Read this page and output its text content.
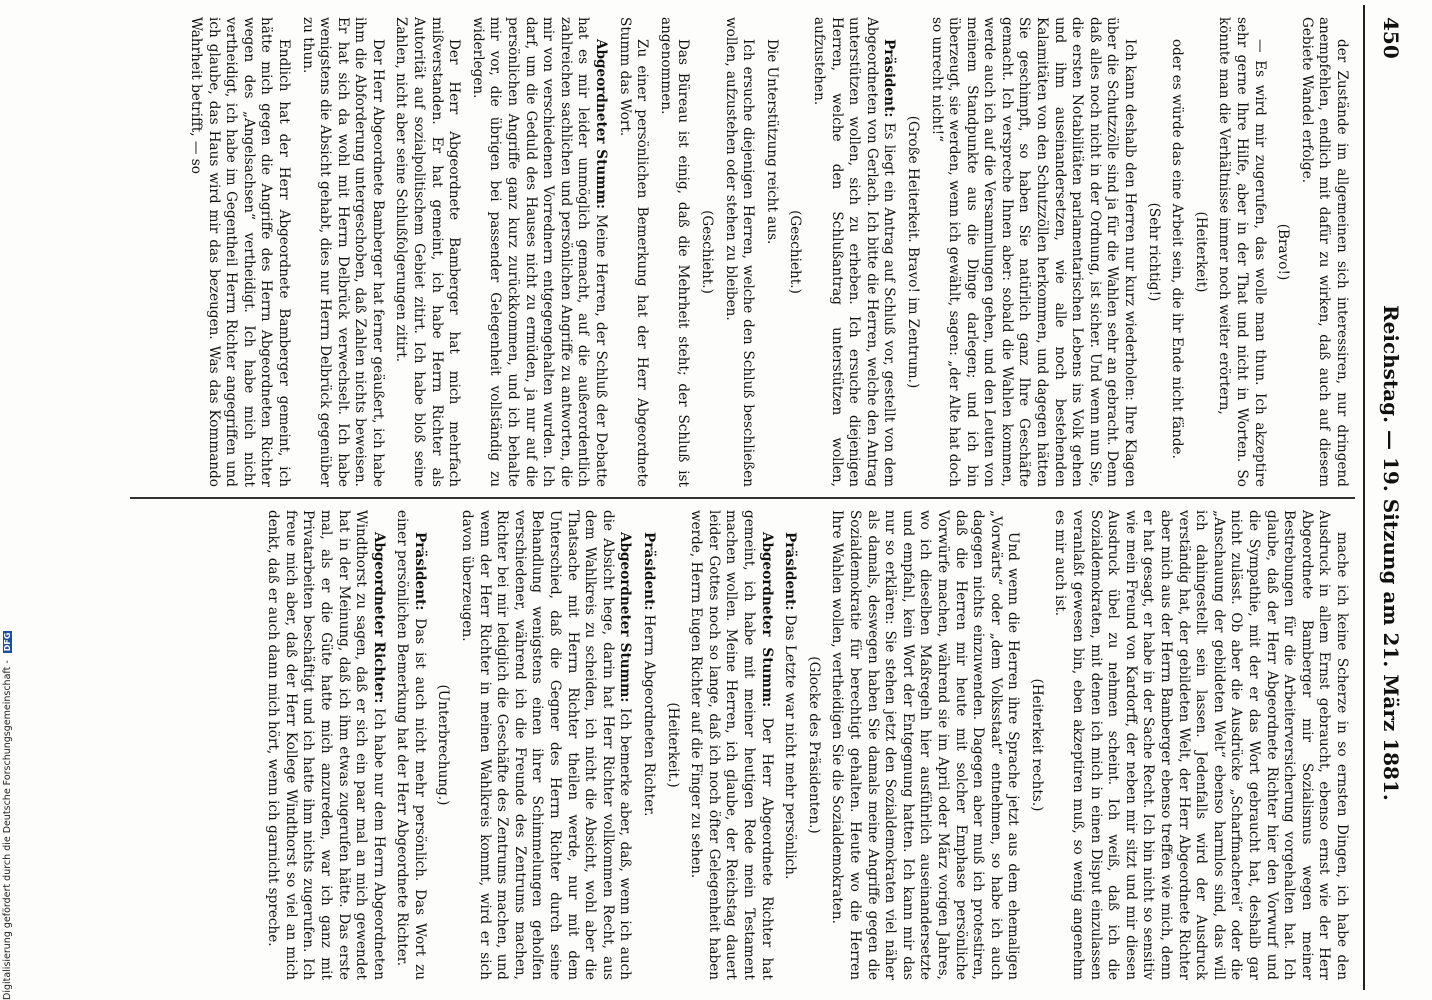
450
Reichstag. — 19. Sitzung am 21. März 1881.

der Zustände im allgemeinen sich interessiren, nur dringend anempfehlen, endlich mit dafür zu wirken, daß auch auf diesem Gebiete Wandel erfolge.

(Bravo!)

— Es wird mir zugerufen, das wolle man thun. Ich akzeptire sehr gerne Ihre Hilfe, aber in der That und nicht in Worten. So könnte man die Verhältnisse immer noch weiter erörtern,

(Heiterkeit)

oder es würde das eine Arbeit sein, die ihr Ende nicht fände.

(Sehr richtig!)

Ich kann deshalb den Herren nur kurz wiederholen: Ihre Klagen über die Schutzzölle sind ja für die Wahlen sehr an gebracht. Denn daß alles noch nicht in der Ordnung, ist sicher. Und wenn nun Sie, die ersten Notabilitäten parlamentarischen Lebens ins Volk gehen und ihm auseinandersetzen, wie alle noch bestehenden Kalamitäten von den Schutzzöllen herkommen, und dagegen hätten Sie geschimpft, so haben Sie natürlich ganz Ihre Geschäfte gemacht. Ich verspreche Ihnen aber: sobald die Wahlen kommen, werde auch ich auf die Versammlungen gehen, und den Leuten von meinem Standpunkte aus die Dinge darlegen; und ich bin überzeugt, sie werden, wenn ich gewählt, sagen: „der Alte hat doch so unrecht nicht!“

(Große Heiterkeit. Bravo! im Zentrum.)

Präsident: Es liegt ein Antrag auf Schluß vor, gestellt von dem Abgeordneten von Gerlach. Ich bitte die Herren, welche den Antrag unterstützen wollen, sich zu erheben. Ich ersuche diejenigen Herren, welche den Schlußantrag unterstützen wollen, aufzustehen.

(Geschieht.)

Die Unterstützung reicht aus.

Ich ersuche diejenigen Herren, welche den Schluß beschließen wollen, aufzustehen oder stehen zu bleiben.

(Geschieht.)

Das Büreau ist einig, daß die Mehrheit steht; der Schluß ist angenommen.

Zu einer persönlichen Bemerkung hat der Herr Abgeordnete Stumm das Wort.

Abgeordneter Stumm: Meine Herren, der Schluß der Debatte hat es mir leider unmöglich gemacht, auf die außerordentlich zahlreichen sachlichen und persönlichen Angriffe zu antworten, die mir von verschiedenen Vorrednern entgegengehalten wurden. Ich darf, um die Geduld des Hauses nicht zu ermüden, ja nur auf die persönlichen Angriffe ganz kurz zurückkommen, und ich behalte mir vor, die übrigen bei passender Gelegenheit vollständig zu widerlegen.

Der Herr Abgeordnete Bamberger hat mich mehrfach mißverstanden. Er hat gemeint, ich habe Herrn Richter als Autorität auf sozialpolitischem Gebiet zitirt. Ich habe bloß seine Zahlen, nicht aber seine Schlußfolgerungen zitirt.

Der Herr Abgeordnete Bamberger hat ferner geäußert, ich habe ihm die Abforderung untergeschoben, daß Zahlen nichts beweisen. Er hat sich da wohl mit Herrn Delbrück verwechselt. Ich habe wenigstens die Absicht gehabt, dies nur Herrn Delbrück gegenüber zu thun.

Endlich hat der Herr Abgeordnete Bamberger gemeint, ich hätte mich gegen die Angriffe des Herrn Abgeordneten Richter wegen des „Angelsachsen“ vertheidigt. Ich habe mich nicht vertheidigt, ich habe im Gegentheil Herrn Richter angegriffen und ich glaube, das Haus wird mir das bezeugen. Was das Kommando Wahrheit betrifft, — so

mache ich keine Scherze in so ernsten Dingen, ich habe den Ausdruck in allem Ernst gebraucht, ebenso ernst wie der Herr Abgeordnete Bamberger mir Sozialismus wegen meiner Bestrebungen für die Arbeiterversicherung vorgehalten hat. Ich glaube, daß der Herr Abgeordnete Richter hier den Vorwurf und die Sympathie, mit der er das Wort gebraucht hat, deshalb gar nicht zulässt. Ob aber die Ausdrücke „Scharfmacherei“ oder die „Anschauung der gebildeten Welt“ ebenso harmlos sind, das will ich dahingestellt sein lassen. Jedenfalls wird der Ausdruck verständig hat, der gebildeten Welt, der Herr Abgeordnete Richter aber mich aus der Herrn Bamberger ebenso treffen wie mich, denn er hat gesagt, er habe in der Sache Recht. Ich bin nicht so sensitiv wie mein Freund von Kardorff, der neben mir sitzt und mir diesen Ausdruck übel zu nehmen scheint. Ich weiß, daß ich die Sozialdemokraten, mit denen ich mich in einen Disput einzulassen veranlaßt gewesen bin, eben akzeptiren muß, so wenig angenehm es mir auch ist.

(Heiterkeit rechts.)

Und wenn die Herren ihre Sprache jetzt aus dem ehemaligen „Vorwärts“ oder „dem Volksstaat“ entnehmen, so habe ich auch dagegen nichts einzuwenden. Dagegen aber muß ich protestiren, daß die Herren mir heute mit solcher Emphase persönliche Vorwürfe machen, während sie im April oder März vorigen Jahres, wo ich dieselben Maßregeln hier ausführlich auseinandersetzte und empfahl, kein Wort der Entgegnung hatten. Ich kann mir das nur so erklären: Sie stehen jetzt den Sozialdemokraten viel näher als damals, deswegen haben Sie damals meine Angriffe gegen die Sozialdemokratie für berechtigt gehalten. Heute wo die Herren Ihre Wahlen wollen, vertheidigen Sie die Sozialdemokraten.

(Glocke des Präsidenten.)

Präsident: Das Letzte war nicht mehr persönlich.

Abgeordneter Stumm: Der Herr Abgeordnete Richter hat gemeint, ich habe mit meiner heutigen Rede mein Testament machen wollen. Meine Herren, ich glaube, der Reichstag dauert leider Gottes noch so lange, daß ich noch öfter Gelegenheit haben werde, Herrn Eugen Richter auf die Finger zu sehen.

(Heiterkeit.)

Präsident: Herrn Abgeordneten Richter.

Abgeordneter Stumm: Ich bemerke aber, daß, wenn ich auch die Absicht hege, darin hat Herr Richter vollkommen Recht, aus dem Wahlkreis zu scheiden, ich nicht die Absicht, wohl aber die Thatsache mit Herrn Richter theilen werde, nur mit dem Unterschied, daß die Gegner des Herrn Richter durch seine Behandlung wenigstens einen ihrer Schimmelungen geholfen verschiedener, während ich die Freunde des Zentrums machen, Richter bei mir lediglich die Geschäfte des Zentrums machen, und wenn der Herr Richter in meinen Wahlkreis kommt, wird er sich davon überzeugen.

(Unterbrechung.)

Präsident: Das ist auch nicht mehr persönlich. Das Wort zu einer persönlichen Bemerkung hat der Herr Abgeordnete Richter.

Abgeordneter Richter: Ich habe nur dem Herrn Abgeordneten Windthorst zu sagen, daß er sich ein paar mal an mich gewendet hat in der Meinung, daß ich ihm etwas zugerufen hätte. Das erste mal, als er die Güte hatte mich anzureden, war ich ganz mit Privatarbeiten beschäftigt und ich hatte ihm nichts zugerufen. Ich freue mich aber, daß der Herr Kollege Windthorst so viel an mich denkt, daß er auch dann mich hört, wenn ich garnicht spreche.

Digitalisierung gefördert durch die Deutsche Forschungsgemeinschaft - DFG
